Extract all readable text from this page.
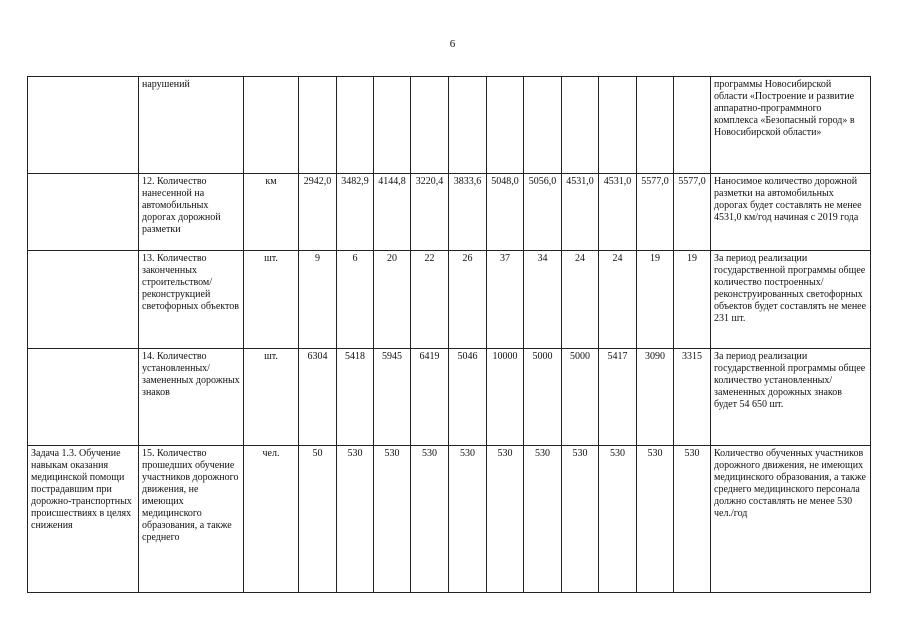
6
	нарушений													программы Новосибирской области «Построение и развитие аппаратно-программного комплекса «Безопасный город» в Новосибирской области»
	12. Количество нанесенной на автомобильных дорогах дорожной разметки	км	2942,0	3482,9	4144,8	3220,4	3833,6	5048,0	5056,0	4531,0	4531,0	5577,0	5577,0	Наносимое количество дорожной разметки на автомобильных дорогах будет составлять не менее 4531,0 км/год начиная с 2019 года
	13. Количество законченных строительством/ реконструкцией светофорных объектов	шт.	9	6	20	22	26	37	34	24	24	19	19	За период реализации государственной программы общее количество построенных/ реконструированных светофорных объектов будет составлять не менее 231 шт.
	14. Количество установленных/ замененных дорожных знаков	шт.	6304	5418	5945	6419	5046	10000	5000	5000	5417	3090	3315	За период реализации государственной программы общее количество установленных/ замененных дорожных знаков будет 54 650 шт.
Задача 1.3. Обучение навыкам оказания медицинской помощи пострадавшим при дорожно-транспортных происшествиях в целях снижения	15. Количество прошедших обучение участников дорожного движения, не имеющих медицинского образования, а также среднего	чел.	50	530	530	530	530	530	530	530	530	530	530	Количество обученных участников дорожного движения, не имеющих медицинского образования, а также среднего медицинского персонала должно составлять не менее 530 чел./год
